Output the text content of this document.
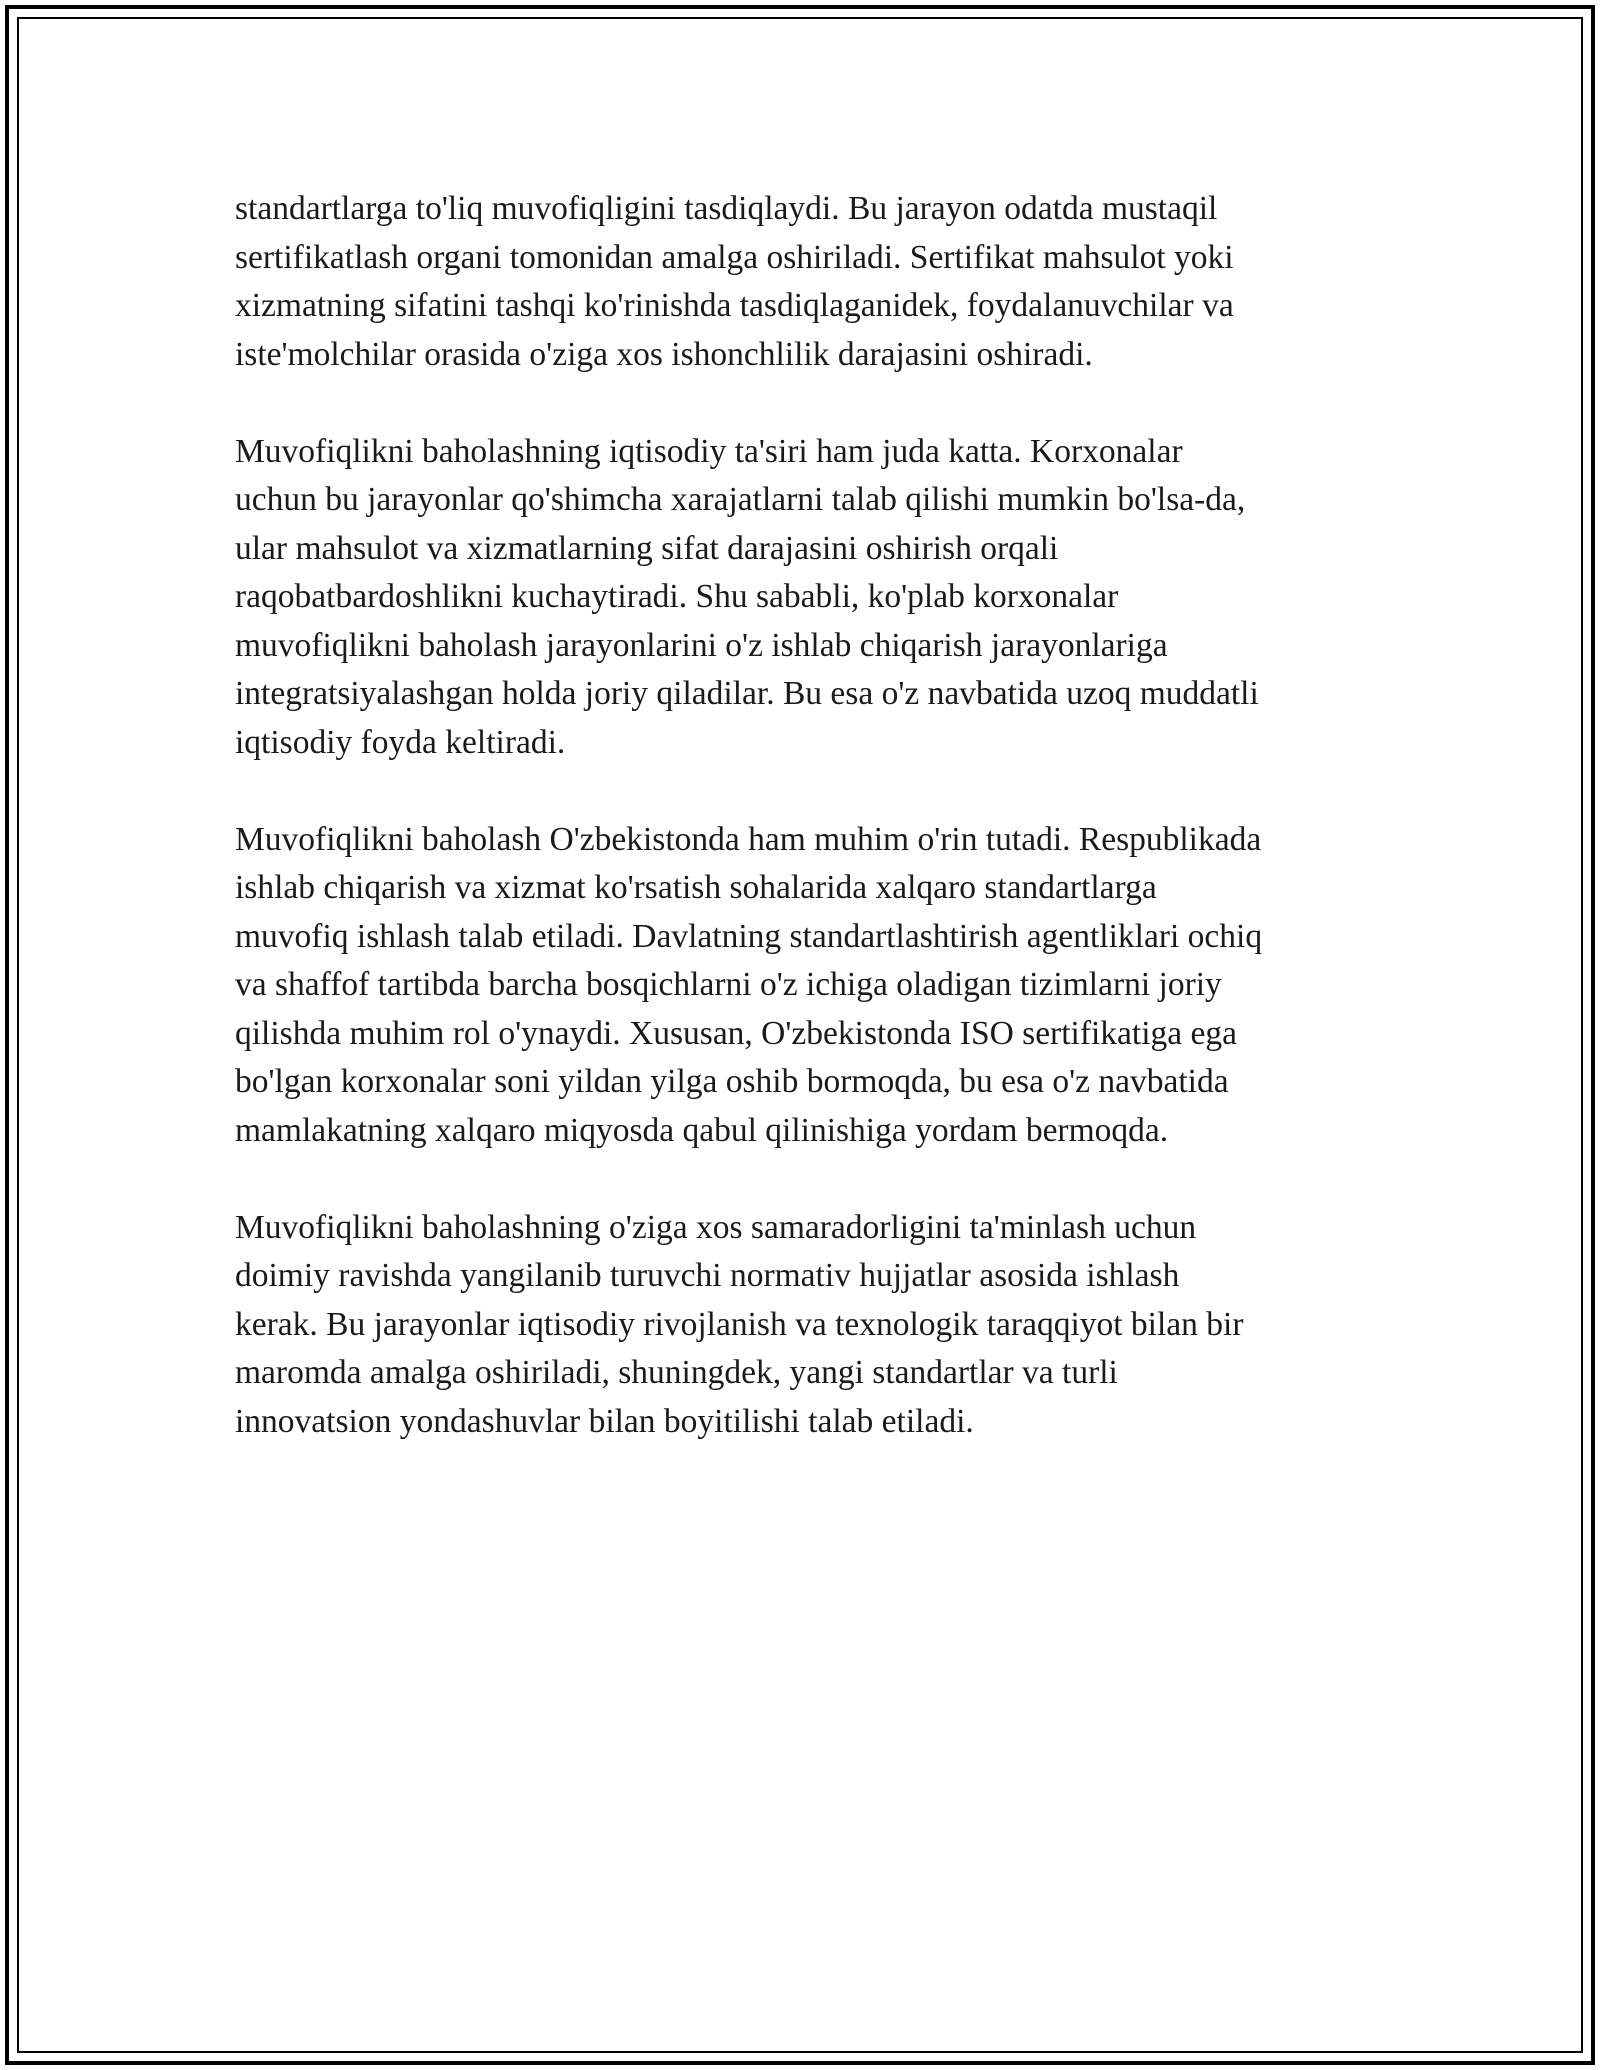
standartlarga to'liq muvofiqligini tasdiqlaydi. Bu jarayon odatda mustaqil
sertifikatlash organi tomonidan amalga oshiriladi. Sertifikat mahsulot yoki
xizmatning sifatini tashqi ko'rinishda tasdiqlaganidek, foydalanuvchilar va
iste'molchilar orasida o'ziga xos ishonchlilik darajasini oshiradi.

Muvofiqlikni baholashning iqtisodiy ta'siri ham juda katta. Korxonalar
uchun bu jarayonlar qo'shimcha xarajatlarni talab qilishi mumkin bo'lsa-da,
ular mahsulot va xizmatlarning sifat darajasini oshirish orqali
raqobatbardoshlikni kuchaytiradi. Shu sababli, ko'plab korxonalar
muvofiqlikni baholash jarayonlarini o'z ishlab chiqarish jarayonlariga
integratsiyalashgan holda joriy qiladilar. Bu esa o'z navbatida uzoq muddatli
iqtisodiy foyda keltiradi.

Muvofiqlikni baholash O'zbekistonda ham muhim o'rin tutadi. Respublikada
ishlab chiqarish va xizmat ko'rsatish sohalarida xalqaro standartlarga
muvofiq ishlash talab etiladi. Davlatning standartlashtirish agentliklari ochiq
va shaffof tartibda barcha bosqichlarni o'z ichiga oladigan tizimlarni joriy
qilishda muhim rol o'ynaydi. Xususan, O'zbekistonda ISO sertifikatiga ega
bo'lgan korxonalar soni yildan yilga oshib bormoqda, bu esa o'z navbatida
mamlakatning xalqaro miqyosda qabul qilinishiga yordam bermoqda.

Muvofiqlikni baholashning o'ziga xos samaradorligini ta'minlash uchun
doimiy ravishda yangilanib turuvchi normativ hujjatlar asosida ishlash
kerak. Bu jarayonlar iqtisodiy rivojlanish va texnologik taraqqiyot bilan bir
maromda amalga oshiriladi, shuningdek, yangi standartlar va turli
innovatsion yondashuvlar bilan boyitilishi talab etiladi.
